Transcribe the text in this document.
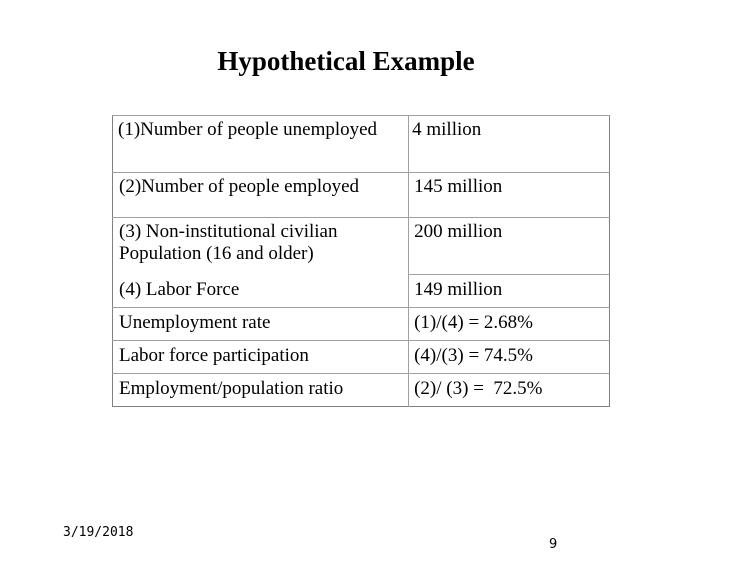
Hypothetical Example
(1)Number of people unemployed	4 million
(2)Number of people employed	145 million
(3) Non-institutional civilian Population (16 and older)	200 million
(4) Labor Force	149 million
Unemployment rate	(1)/(4) = 2.68%
Labor force participation	(4)/(3) = 74.5%
Employment/population ratio	(2)/ (3) =  72.5%
3/19/2018
9
